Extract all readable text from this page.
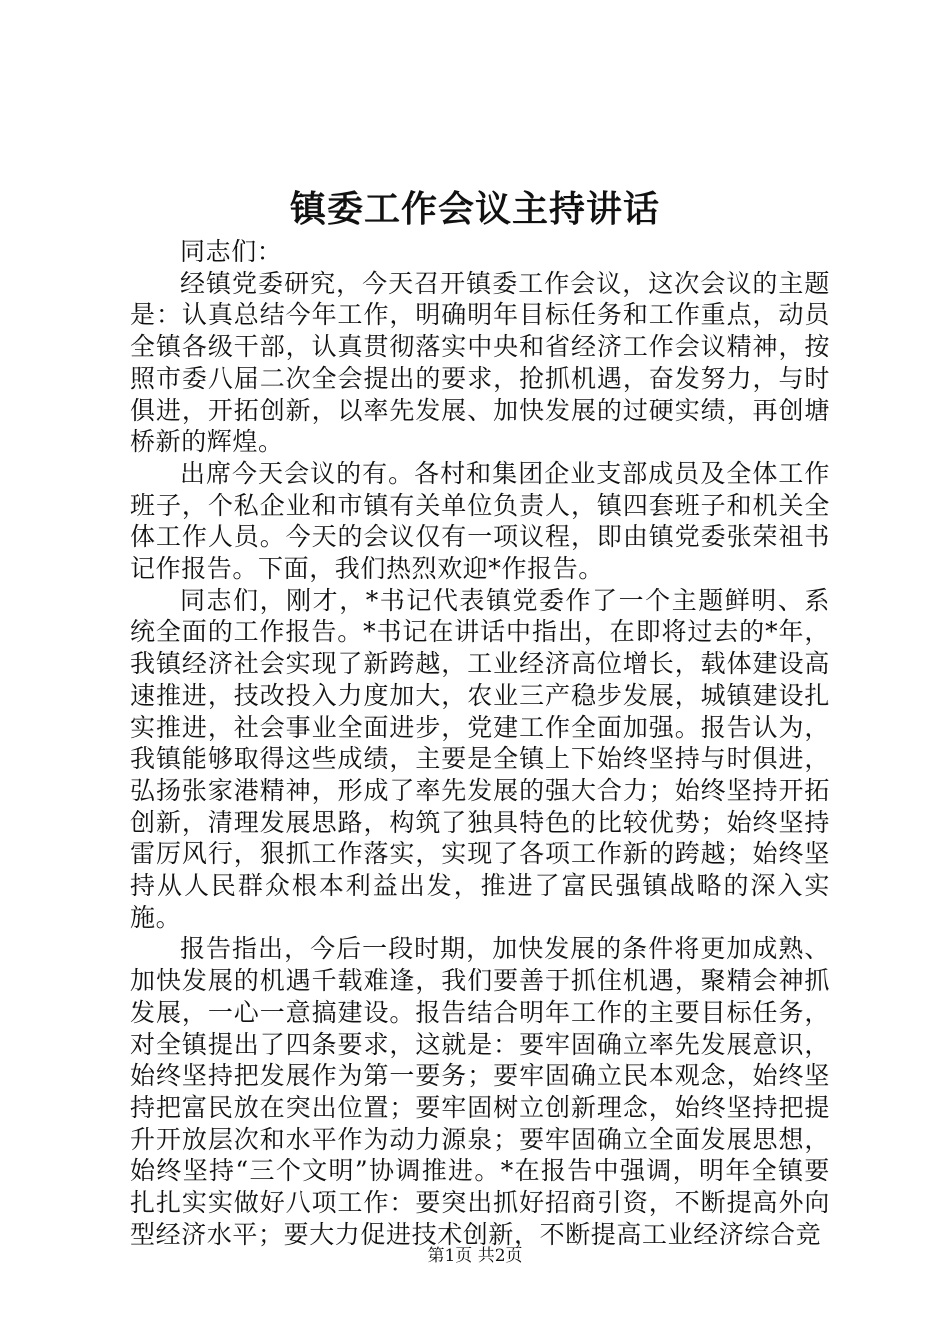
镇委工作会议主持讲话

同志们：

经镇党委研究，今天召开镇委工作会议，这次会议的主题是：认真总结今年工作，明确明年目标任务和工作重点，动员全镇各级干部，认真贯彻落实中央和省经济工作会议精神，按照市委八届二次全会提出的要求，抢抓机遇，奋发努力，与时俱进，开拓创新，以率先发展、加快发展的过硬实绩，再创塘桥新的辉煌。

出席今天会议的有。各村和集团企业支部成员及全体工作班子，个私企业和市镇有关单位负责人，镇四套班子和机关全体工作人员。今天的会议仅有一项议程，即由镇党委张荣祖书记作报告。下面，我们热烈欢迎*作报告。

同志们，刚才，*书记代表镇党委作了一个主题鲜明、系统全面的工作报告。*书记在讲话中指出，在即将过去的*年，我镇经济社会实现了新跨越，工业经济高位增长，载体建设高速推进，技改投入力度加大，农业三产稳步发展，城镇建设扎实推进，社会事业全面进步，党建工作全面加强。报告认为，我镇能够取得这些成绩，主要是全镇上下始终坚持与时俱进，弘扬张家港精神，形成了率先发展的强大合力；始终坚持开拓创新，清理发展思路，构筑了独具特色的比较优势；始终坚持雷厉风行，狠抓工作落实，实现了各项工作新的跨越；始终坚持从人民群众根本利益出发，推进了富民强镇战略的深入实施。

报告指出，今后一段时期，加快发展的条件将更加成熟、加快发展的机遇千载难逢，我们要善于抓住机遇，聚精会神抓发展，一心一意搞建设。报告结合明年工作的主要目标任务，对全镇提出了四条要求，这就是：要牢固确立率先发展意识，始终坚持把发展作为第一要务；要牢固确立民本观念，始终坚持把富民放在突出位置；要牢固树立创新理念，始终坚持把提升开放层次和水平作为动力源泉；要牢固确立全面发展思想，始终坚持“三个文明”协调推进。*在报告中强调，明年全镇要扎扎实实做好八项工作：要突出抓好招商引资，不断提高外向型经济水平；要大力促进技术创新，不断提高工业经济综合竞

第1页 共2页
